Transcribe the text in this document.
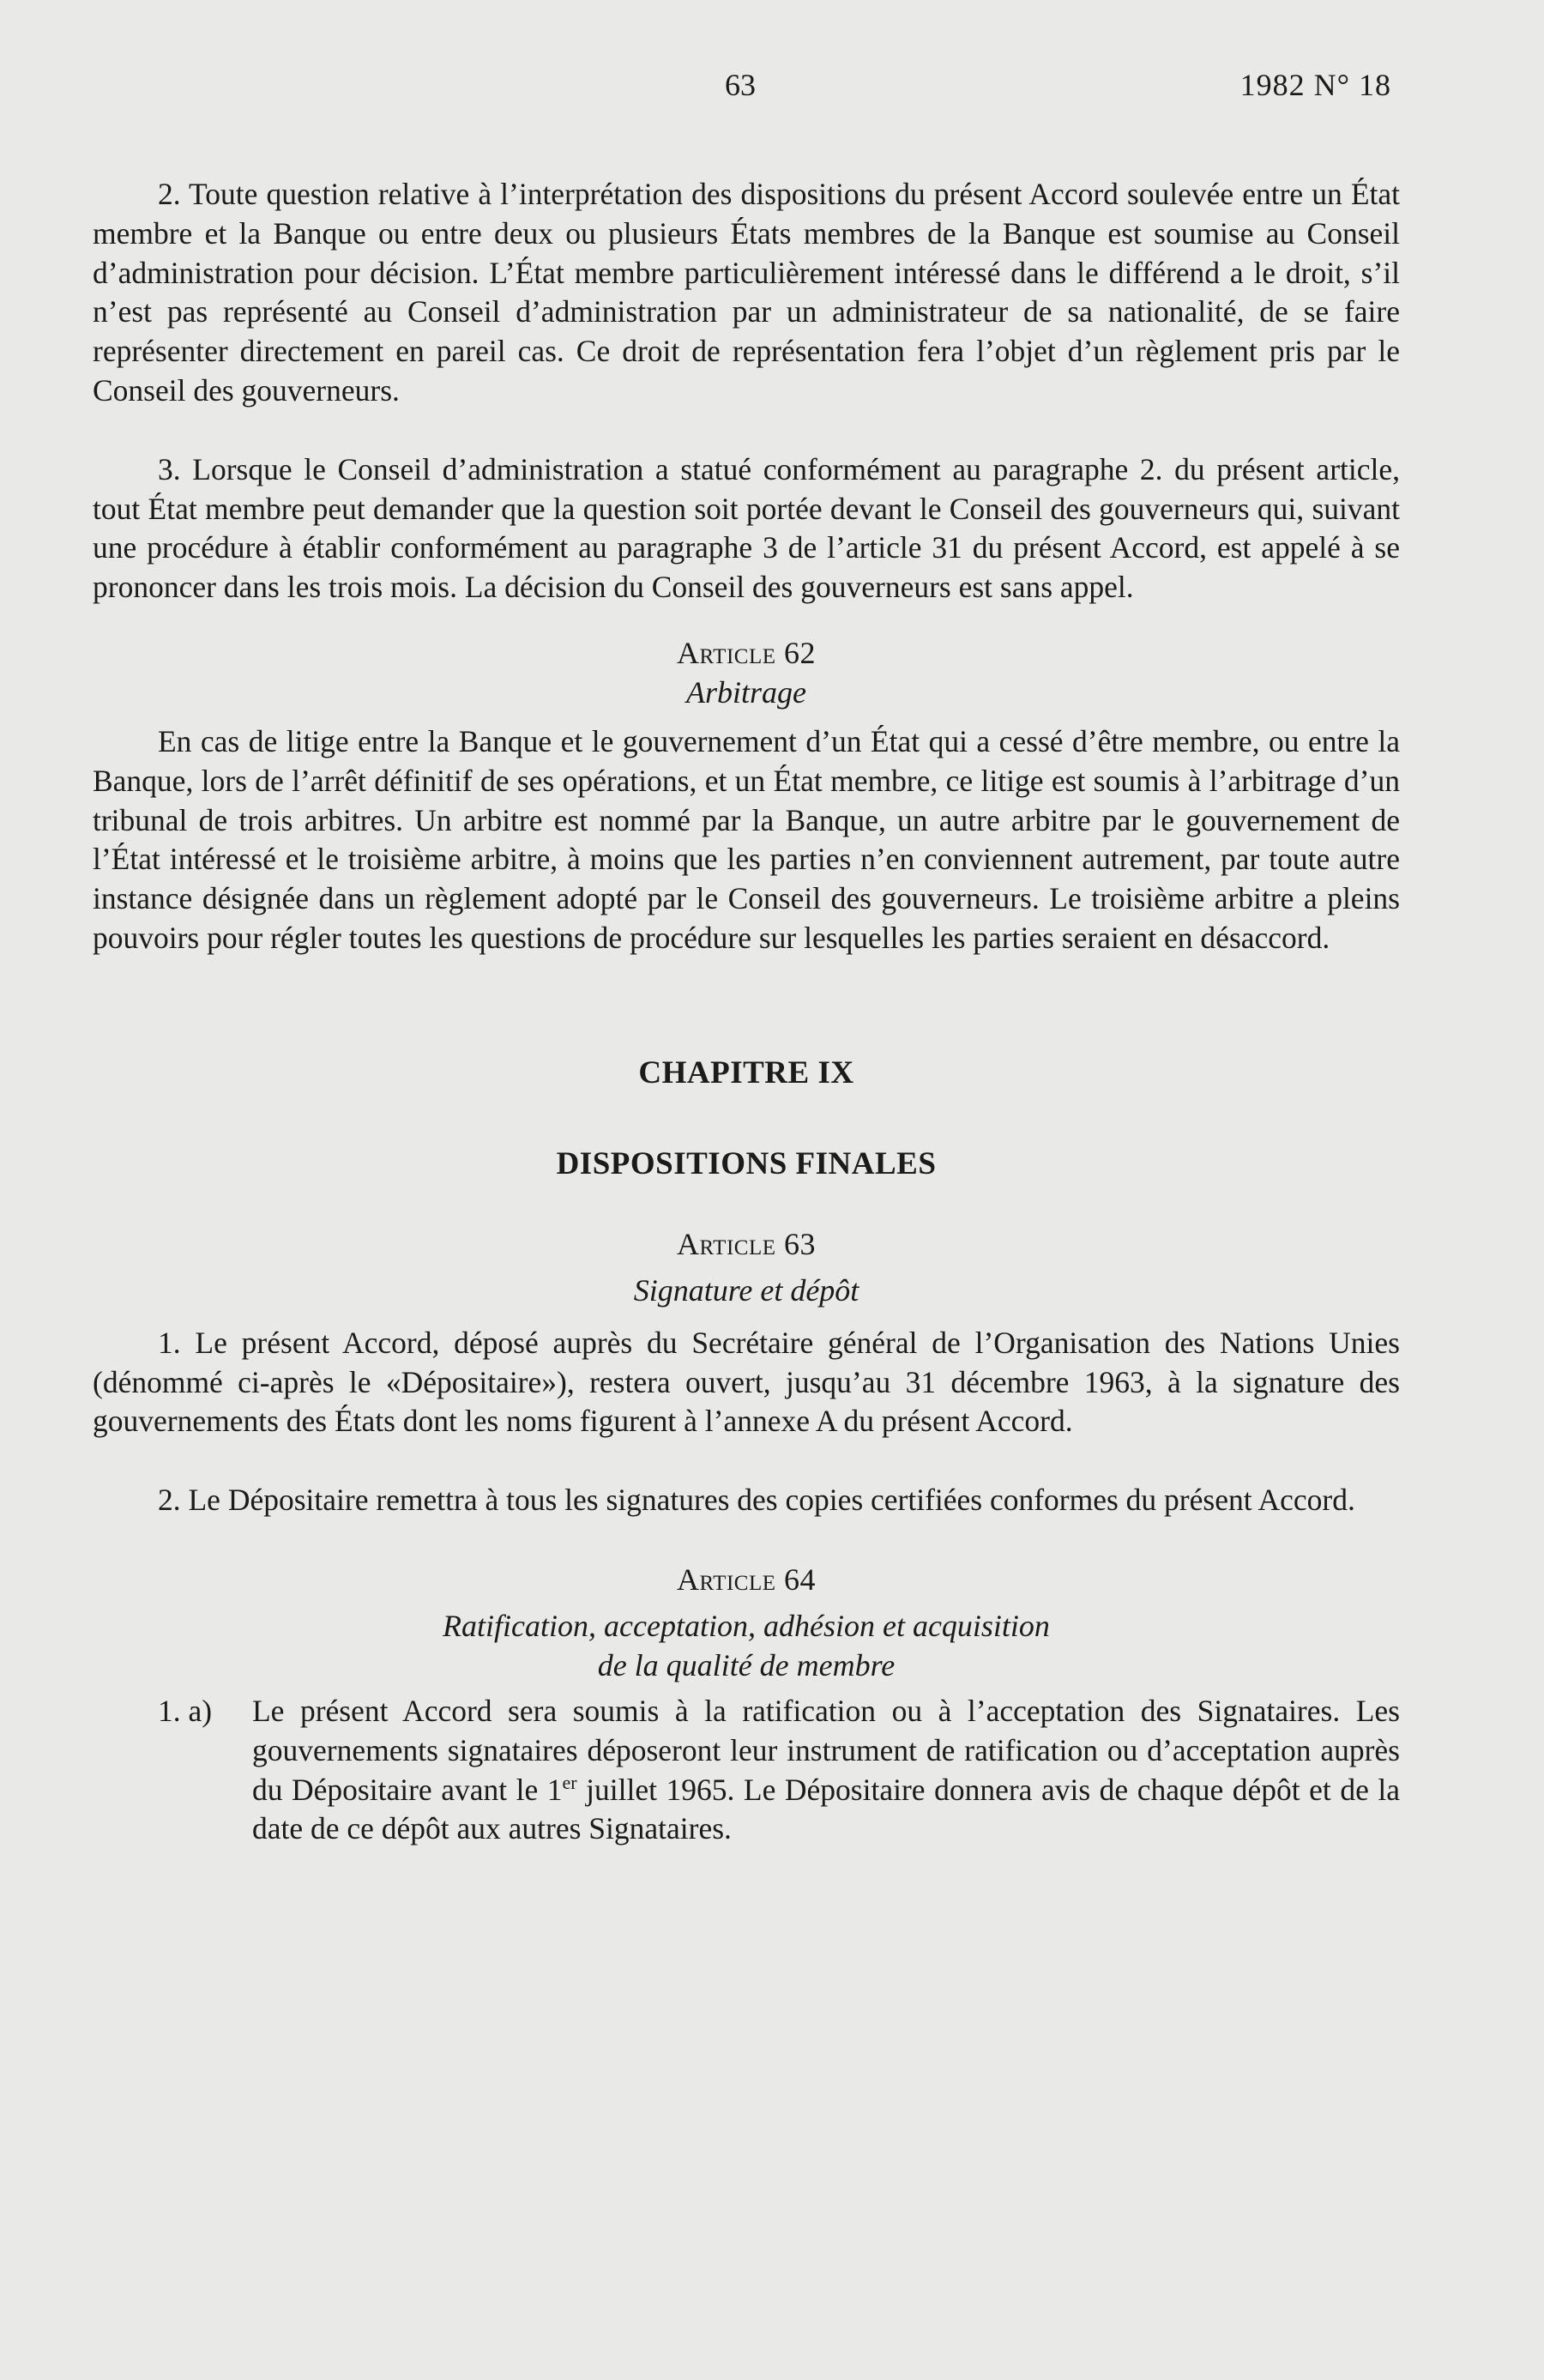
63	1982 N° 18

2. Toute question relative à l’interprétation des dispositions du présent Accord soulevée entre un État membre et la Banque ou entre deux ou plusieurs États membres de la Banque est soumise au Conseil d’administration pour décision. L’État membre particulièrement intéressé dans le différend a le droit, s’il n’est pas représenté au Conseil d’administration par un administrateur de sa nationalité, de se faire représenter directement en pareil cas. Ce droit de représentation fera l’objet d’un règlement pris par le Conseil des gouverneurs.

3. Lorsque le Conseil d’administration a statué conformément au paragraphe 2. du présent article, tout État membre peut demander que la question soit portée devant le Conseil des gouverneurs qui, suivant une procédure à établir conformément au paragraphe 3 de l’article 31 du présent Accord, est appelé à se prononcer dans les trois mois. La décision du Conseil des gouverneurs est sans appel.

Article 62

Arbitrage

En cas de litige entre la Banque et le gouvernement d’un État qui a cessé d’être membre, ou entre la Banque, lors de l’arrêt définitif de ses opérations, et un État membre, ce litige est soumis à l’arbitrage d’un tribunal de trois arbitres. Un arbitre est nommé par la Banque, un autre arbitre par le gouvernement de l’État intéressé et le troisième arbitre, à moins que les parties n’en conviennent autrement, par toute autre instance désignée dans un règlement adopté par le Conseil des gouverneurs. Le troisième arbitre a pleins pouvoirs pour régler toutes les questions de procédure sur lesquelles les parties seraient en désaccord.

CHAPITRE IX

DISPOSITIONS FINALES

Article 63

Signature et dépôt

1. Le présent Accord, déposé auprès du Secrétaire général de l’Organisation des Nations Unies (dénommé ci-après le «Dépositaire»), restera ouvert, jusqu’au 31 décembre 1963, à la signature des gouvernements des États dont les noms figurent à l’annexe A du présent Accord.

2. Le Dépositaire remettra à tous les signatures des copies certifiées conformes du présent Accord.

Article 64

Ratification, acceptation, adhésion et acquisition

de la qualité de membre

1. a)	Le présent Accord sera soumis à la ratification ou à l’acceptation des Signataires. Les gouvernements signataires déposeront leur instrument de ratification ou d’acceptation auprès du Dépositaire avant le 1er juillet 1965. Le Dépositaire donnera avis de chaque dépôt et de la date de ce dépôt aux autres Signataires.
